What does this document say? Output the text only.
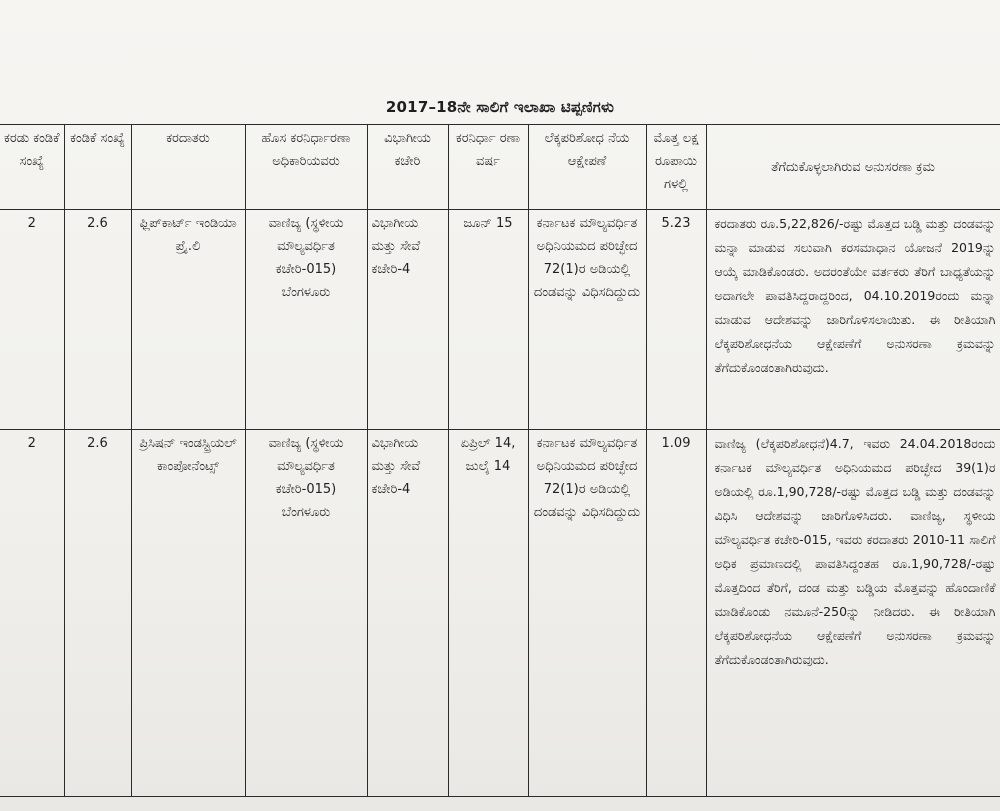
2017–18ನೇ ಸಾಲಿಗೆ ಇಲಾಖಾ ಟಿಪ್ಪಣಿಗಳು
ಕರಡು ಕಂಡಿಕೆ ಸಂಖ್ಯೆ	ಕಂಡಿಕೆ ಸಂಖ್ಯೆ	ಕರದಾತರು	ಹೊಸ ಕರನಿರ್ಧಾರಣಾ ಅಧಿಕಾರಿಯವರು	ವಿಭಾಗೀಯ ಕಚೇರಿ	ಕರನಿರ್ಧಾ ರಣಾ ವರ್ಷ	ಲೆಕ್ಕಪರಿಶೋಧ ನೆಯ ಆಕ್ಷೇಪಣೆ	ಮೊತ್ತ ಲಕ್ಷ ರೂಪಾಯಿ ಗಳಲ್ಲಿ	ತೆಗೆದುಕೊಳ್ಳಲಾಗಿರುವ ಅನುಸರಣಾ ಕ್ರಮ
2	2.6	ಫ್ಲಿಪ್‌ಕಾರ್ಟ್ ಇಂಡಿಯಾ ಪ್ರೈ.ಲಿ	ವಾಣಿಜ್ಯ (ಸ್ಥಳೀಯ ಮೌಲ್ಯವರ್ಧಿತ ಕಚೇರಿ-015) ಬೆಂಗಳೂರು	ವಿಭಾಗೀಯ ಮತ್ತು ಸೇವೆ ಕಚೇರಿ-4	ಜೂನ್ 15	ಕರ್ನಾಟಕ ಮೌಲ್ಯವರ್ಧಿತ ಅಧಿನಿಯಮದ ಪರಿಚ್ಛೇದ 72(1)ರ ಅಡಿಯಲ್ಲಿ ದಂಡವನ್ನು ವಿಧಿಸದಿದ್ದುದು	5.23	ಕರದಾತರು ರೂ.5,22,826/-ರಷ್ಟು ಮೊತ್ತದ ಬಡ್ಡಿ ಮತ್ತು ದಂಡವನ್ನು ಮನ್ನಾ ಮಾಡುವ ಸಲುವಾಗಿ ಕರಸಮಾಧಾನ ಯೋಜನೆ 2019ನ್ನು ಆಯ್ಕೆ ಮಾಡಿಕೊಂಡರು. ಅದರಂತೆಯೇ ವರ್ತಕರು ತೆರಿಗೆ ಬಾಧ್ಯತೆಯನ್ನು ಅದಾಗಲೇ ಪಾವತಿಸಿದ್ದರಾದ್ದರಿಂದ, 04.10.2019ರಂದು ಮನ್ನಾ ಮಾಡುವ ಆದೇಶವನ್ನು ಜಾರಿಗೊಳಿಸಲಾಯಿತು. ಈ ರೀತಿಯಾಗಿ ಲೆಕ್ಕಪರಿಶೋಧನೆಯ ಆಕ್ಷೇಪಣೆಗೆ ಅನುಸರಣಾ ಕ್ರಮವನ್ನು ತೆಗೆದುಕೊಂಡಂತಾಗಿರುವುದು.
2	2.6	ಪ್ರಿಸಿಷನ್ ಇಂಡಸ್ಟ್ರಿಯಲ್ ಕಾಂಪೋನೆಂಟ್ಸ್	ವಾಣಿಜ್ಯ (ಸ್ಥಳೀಯ ಮೌಲ್ಯವರ್ಧಿತ ಕಚೇರಿ-015) ಬೆಂಗಳೂರು	ವಿಭಾಗೀಯ ಮತ್ತು ಸೇವೆ ಕಚೇರಿ-4	ಏಪ್ರಿಲ್ 14, ಜುಲೈ 14	ಕರ್ನಾಟಕ ಮೌಲ್ಯವರ್ಧಿತ ಅಧಿನಿಯಮದ ಪರಿಚ್ಛೇದ 72(1)ರ ಅಡಿಯಲ್ಲಿ ದಂಡವನ್ನು ವಿಧಿಸದಿದ್ದುದು	1.09	ವಾಣಿಜ್ಯ (ಲೆಕ್ಕಪರಿಶೋಧನೆ)4.7, ಇವರು 24.04.2018ರಂದು ಕರ್ನಾಟಕ ಮೌಲ್ಯವರ್ಧಿತ ಅಧಿನಿಯಮದ ಪರಿಚ್ಛೇದ 39(1)ರ ಅಡಿಯಲ್ಲಿ ರೂ.1,90,728/-ರಷ್ಟು ಮೊತ್ತದ ಬಡ್ಡಿ ಮತ್ತು ದಂಡವನ್ನು ವಿಧಿಸಿ ಆದೇಶವನ್ನು ಜಾರಿಗೊಳಿಸಿದರು. ವಾಣಿಜ್ಯ, ಸ್ಥಳೀಯ ಮೌಲ್ಯವರ್ಧಿತ ಕಚೇರಿ-015, ಇವರು ಕರದಾತರು 2010-11 ಸಾಲಿಗೆ ಅಧಿಕ ಪ್ರಮಾಣದಲ್ಲಿ ಪಾವತಿಸಿದ್ದಂತಹ ರೂ.1,90,728/-ರಷ್ಟು ಮೊತ್ತದಿಂದ ತೆರಿಗೆ, ದಂಡ ಮತ್ತು ಬಡ್ಡಿಯ ಮೊತ್ತವನ್ನು ಹೊಂದಾಣಿಕೆ ಮಾಡಿಕೊಂಡು ನಮೂನೆ-250ನ್ನು ನೀಡಿದರು. ಈ ರೀತಿಯಾಗಿ ಲೆಕ್ಕಪರಿಶೋಧನೆಯ ಆಕ್ಷೇಪಣೆಗೆ ಅನುಸರಣಾ ಕ್ರಮವನ್ನು ತೆಗೆದುಕೊಂಡಂತಾಗಿರುವುದು.
